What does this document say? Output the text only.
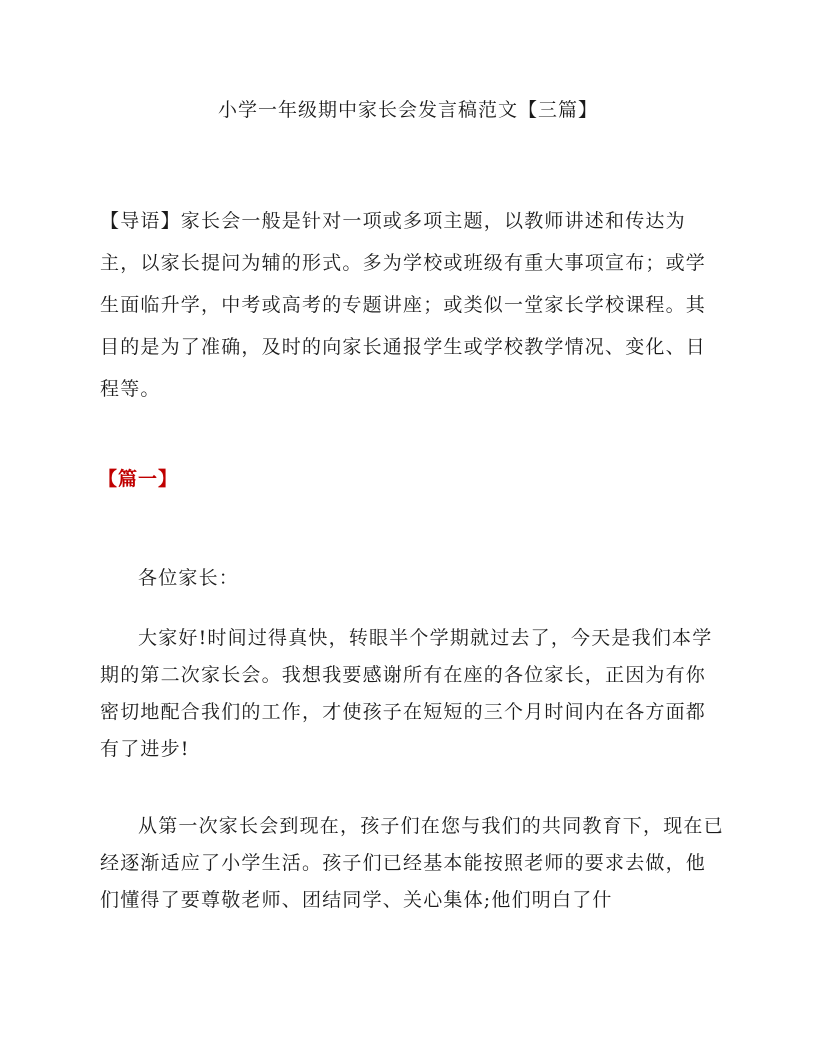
小学一年级期中家长会发言稿范文【三篇】

【导语】家长会一般是针对一项或多项主题，以教师讲述和传达为主，以家长提问为辅的形式。多为学校或班级有重大事项宣布；或学生面临升学，中考或高考的专题讲座；或类似一堂家长学校课程。其目的是为了准确，及时的向家长通报学生或学校教学情况、变化、日程等。

【篇一】

各位家长：

大家好!时间过得真快，转眼半个学期就过去了，今天是我们本学期的第二次家长会。我想我要感谢所有在座的各位家长，正因为有你密切地配合我们的工作，才使孩子在短短的三个月时间内在各方面都有了进步!

从第一次家长会到现在，孩子们在您与我们的共同教育下，现在已经逐渐适应了小学生活。孩子们已经基本能按照老师的要求去做，他们懂得了要尊敬老师、团结同学、关心集体;他们明白了什
